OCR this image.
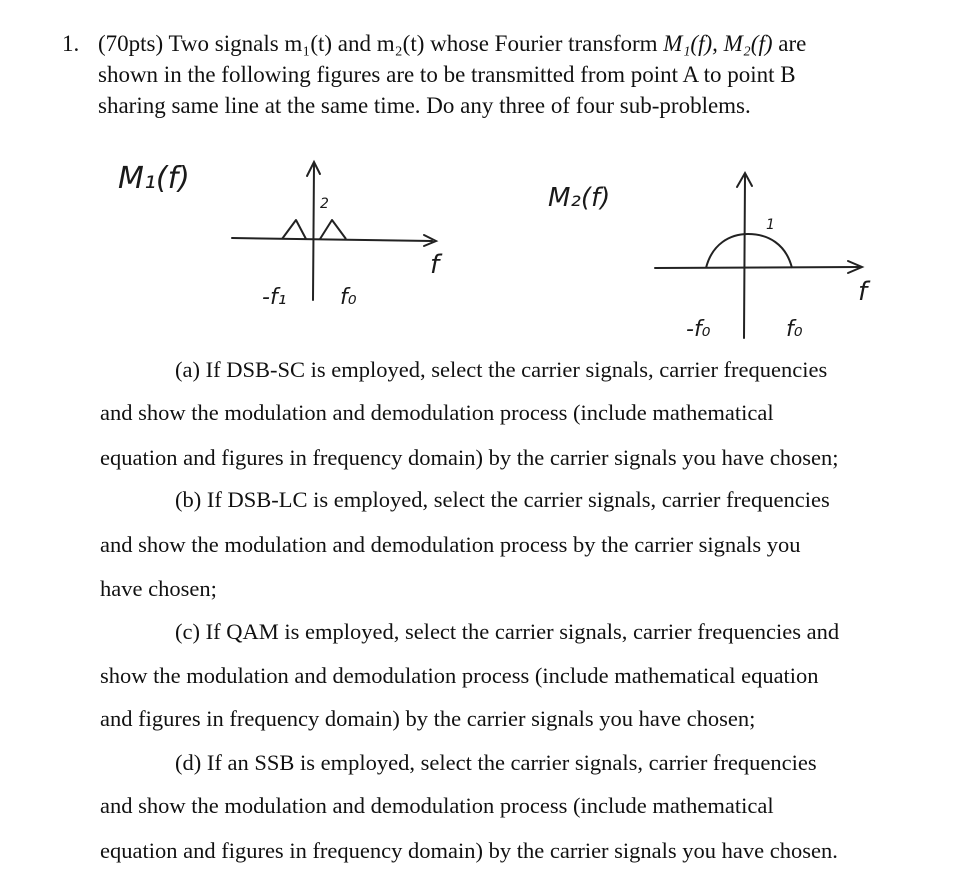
1. (70pts) Two signals m₁(t) and m₂(t) whose Fourier transform M₁(f), M₂(f) are
shown in the following figures are to be transmitted from point A to point B
sharing same line at the same time. Do any three of four sub-problems.
M₁(f)
2
f
-f₁ f₀
M₂(f)
1
f
-f₀	f₀
(a) If DSB-SC is employed, select the carrier signals, carrier frequencies
and show the modulation and demodulation process (include mathematical
equation and figures in frequency domain) by the carrier signals you have chosen;
(b) If DSB-LC is employed, select the carrier signals, carrier frequencies
and show the modulation and demodulation process by the carrier signals you
have chosen;
(c) If QAM is employed, select the carrier signals, carrier frequencies and
show the modulation and demodulation process (include mathematical equation
and figures in frequency domain) by the carrier signals you have chosen;
(d) If an SSB is employed, select the carrier signals, carrier frequencies
and show the modulation and demodulation process (include mathematical
equation and figures in frequency domain) by the carrier signals you have chosen.
